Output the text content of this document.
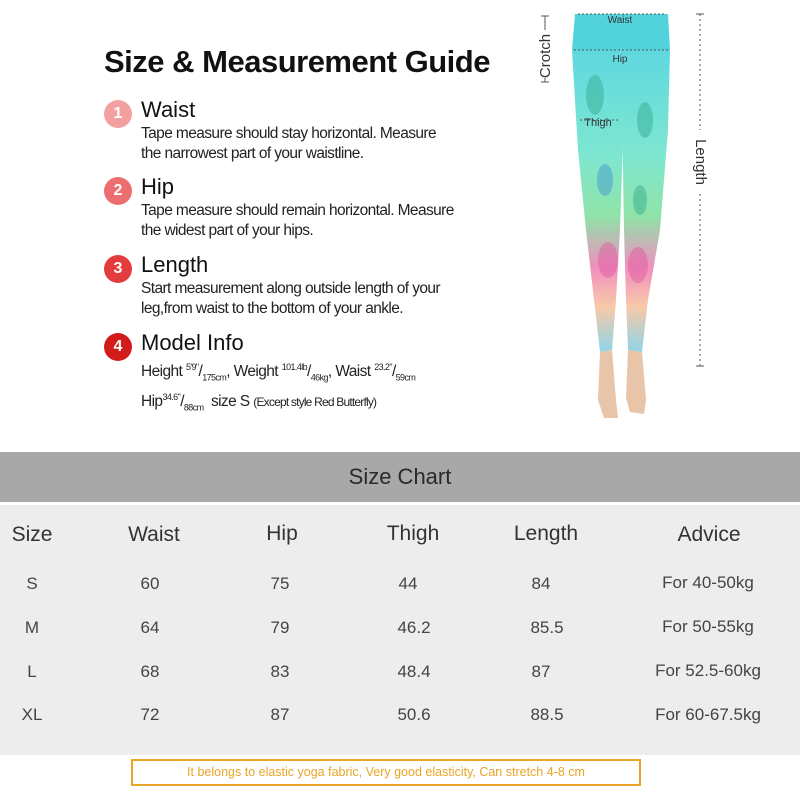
Size & Measurement Guide
1 Waist
Tape measure should stay horizontal. Measure
the narrowest part of your waistline.
2 Hip
Tape measure should remain horizontal. Measure
the widest part of your hips.
3 Length
Start measurement along outside length of your
leg,from waist to the bottom of your ankle.
4 Model Info
Height $^{5'9"}/_{175cm}$, Weight $^{101.4lb}/_{46kg}$, Waist $^{23.2"}/_{59cm}$
$Hip^{34.6"}/_{88cm}$ size S (Except style Red Butterfly)
Waist
Hip
Thigh
Crotch
Length
Size Chart
Size	Waist	Hip	Thigh	Length	Advice
S	60	75	44	84	For 40-50kg
M	64	79	46.2	85.5	For 50-55kg
L	68	83	48.4	87	For 52.5-60kg
XL	72	87	50.6	88.5	For 60-67.5kg
It belongs to elastic yoga fabric, Very good elasticity, Can stretch 4-8 cm
